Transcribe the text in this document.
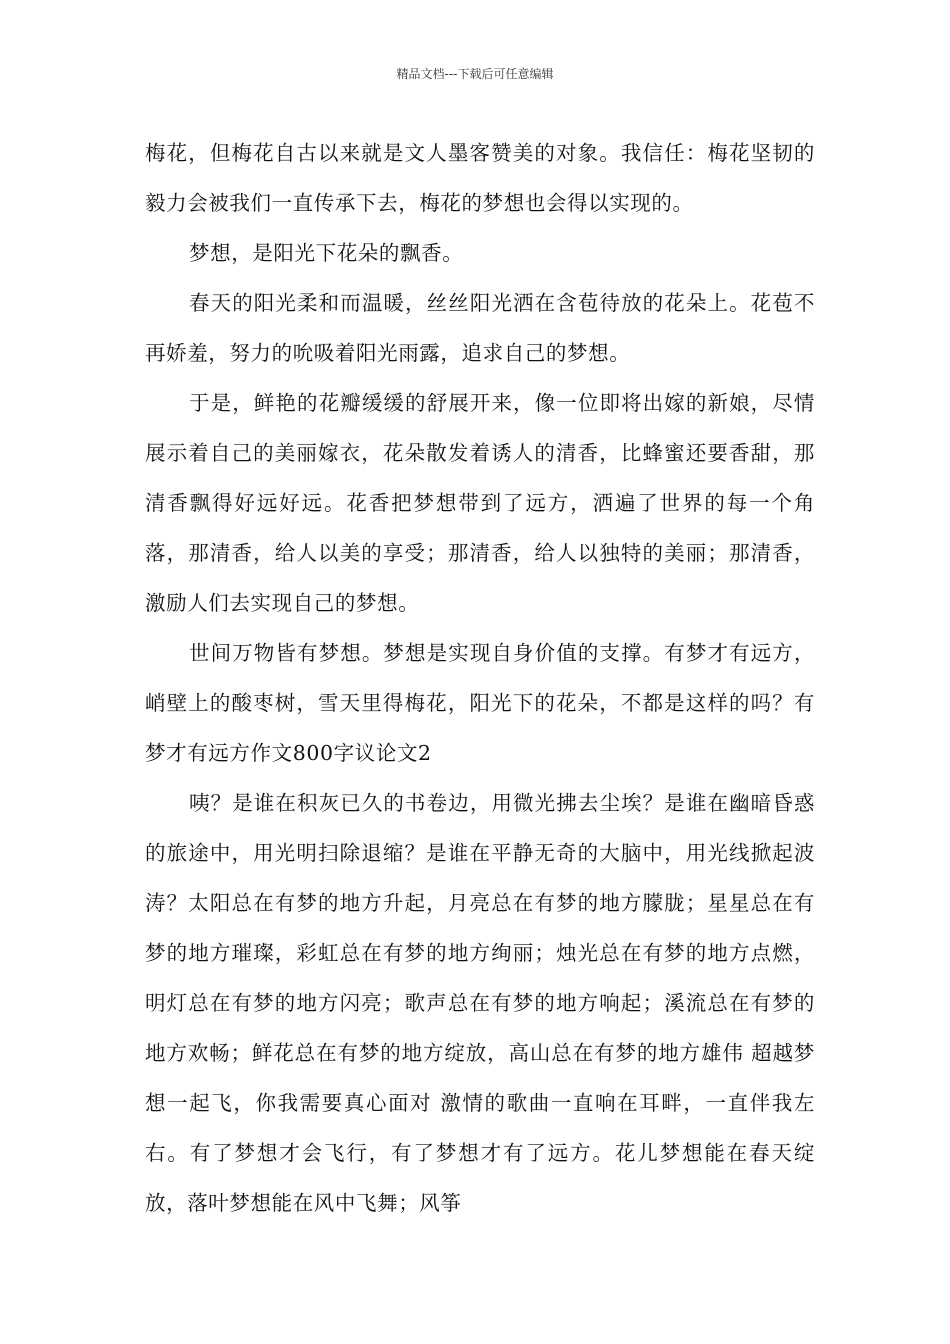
精品文档---下载后可任意编辑

梅花，但梅花自古以来就是文人墨客赞美的对象。我信任：梅花坚韧的毅力会被我们一直传承下去，梅花的梦想也会得以实现的。

梦想，是阳光下花朵的飘香。

春天的阳光柔和而温暖，丝丝阳光洒在含苞待放的花朵上。花苞不再娇羞，努力的吮吸着阳光雨露，追求自己的梦想。

于是，鲜艳的花瓣缓缓的舒展开来，像一位即将出嫁的新娘，尽情展示着自己的美丽嫁衣，花朵散发着诱人的清香，比蜂蜜还要香甜，那清香飘得好远好远。花香把梦想带到了远方，洒遍了世界的每一个角落，那清香，给人以美的享受；那清香，给人以独特的美丽；那清香，激励人们去实现自己的梦想。

世间万物皆有梦想。梦想是实现自身价值的支撑。有梦才有远方，峭壁上的酸枣树，雪天里得梅花，阳光下的花朵，不都是这样的吗？有梦才有远方作文800字议论文2

咦？是谁在积灰已久的书卷边，用微光拂去尘埃？是谁在幽暗昏惑的旅途中，用光明扫除退缩？是谁在平静无奇的大脑中，用光线掀起波涛？太阳总在有梦的地方升起，月亮总在有梦的地方朦胧；星星总在有梦的地方璀璨，彩虹总在有梦的地方绚丽；烛光总在有梦的地方点燃，明灯总在有梦的地方闪亮；歌声总在有梦的地方响起；溪流总在有梦的地方欢畅；鲜花总在有梦的地方绽放，高山总在有梦的地方雄伟 超越梦想一起飞，你我需要真心面对 激情的歌曲一直响在耳畔，一直伴我左右。有了梦想才会飞行，有了梦想才有了远方。花儿梦想能在春天绽放，落叶梦想能在风中飞舞；风筝
